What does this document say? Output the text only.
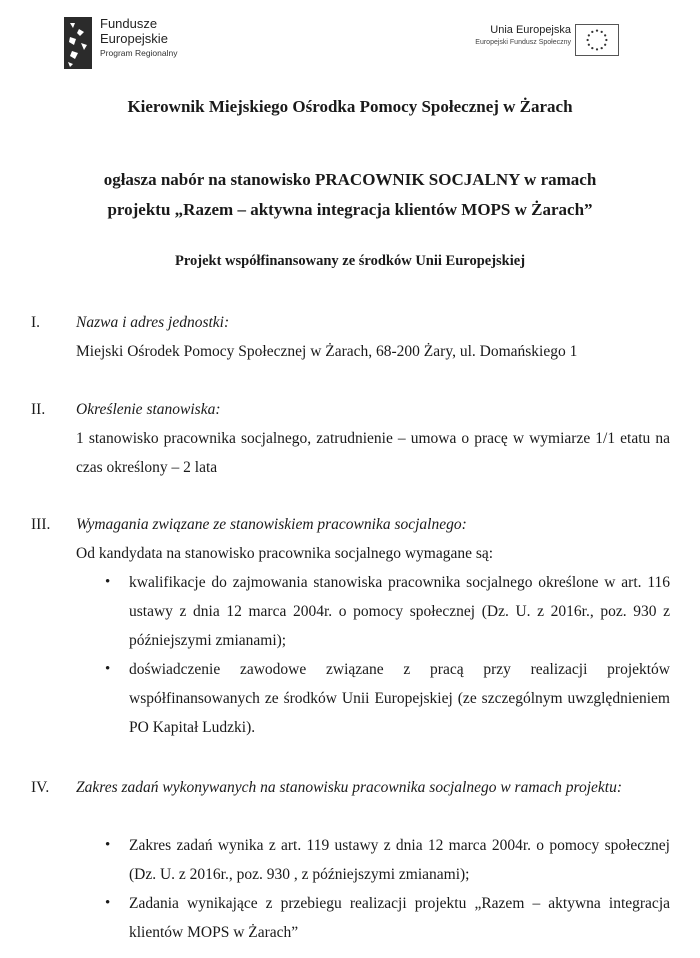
Fundusze
Europejskie
Program Regionalny
Unia Europejska
Europejski Fundusz Społeczny
Kierownik Miejskiego Ośrodka Pomocy Społecznej w Żarach
ogłasza nabór na stanowisko PRACOWNIK SOCJALNY w ramach
projektu „Razem – aktywna integracja klientów MOPS w Żarach”
Projekt współfinansowany ze środków Unii Europejskiej
I. Nazwa i adres jednostki:
Miejski Ośrodek Pomocy Społecznej w Żarach, 68-200 Żary, ul. Domańskiego 1
II. Określenie stanowiska:
1 stanowisko pracownika socjalnego, zatrudnienie – umowa o pracę w wymiarze 1/1 etatu na czas określony – 2 lata
III. Wymagania związane ze stanowiskiem pracownika socjalnego:
Od kandydata na stanowisko pracownika socjalnego wymagane są:
• kwalifikacje do zajmowania stanowiska pracownika socjalnego określone w art. 116 ustawy z dnia 12 marca 2004r. o pomocy społecznej (Dz. U. z 2016r., poz. 930 z późniejszymi zmianami);
• doświadczenie zawodowe związane z pracą przy realizacji projektów współfinansowanych ze środków Unii Europejskiej (ze szczególnym uwzględnieniem PO Kapitał Ludzki).
IV. Zakres zadań wykonywanych na stanowisku pracownika socjalnego w ramach projektu:
• Zakres zadań wynika z art. 119 ustawy z dnia 12 marca 2004r. o pomocy społecznej (Dz. U. z 2016r., poz. 930 , z późniejszymi zmianami);
• Zadania wynikające z przebiegu realizacji projektu „Razem – aktywna integracja klientów MOPS w Żarach”
